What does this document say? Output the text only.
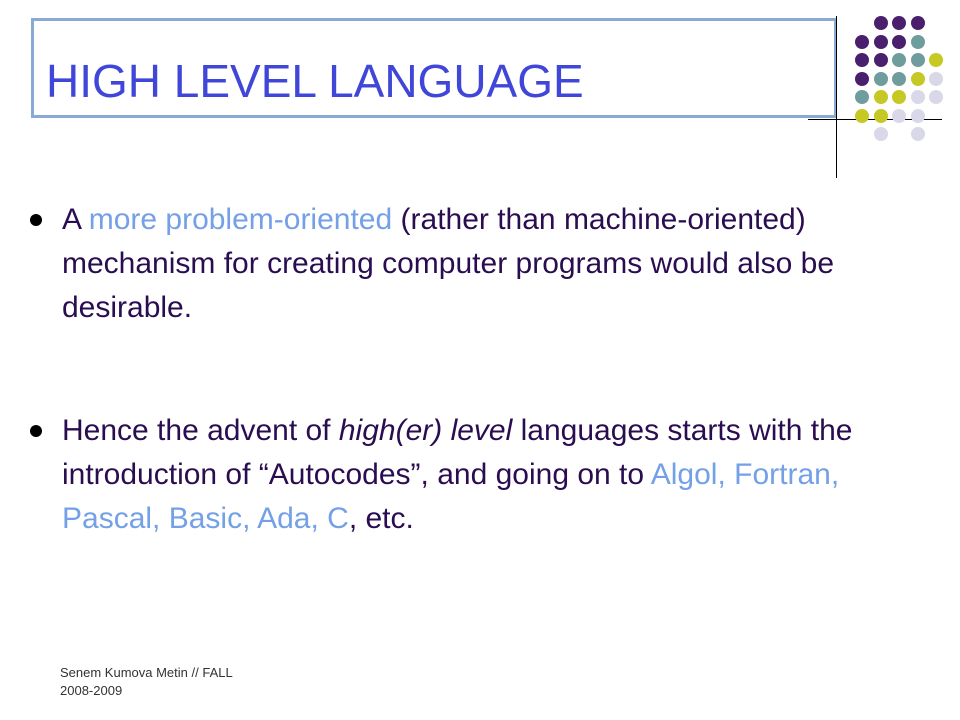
HIGH LEVEL LANGUAGE
A more problem-oriented (rather than machine-oriented) mechanism for creating computer programs would also be desirable.
Hence the advent of high(er) level languages starts with the introduction of “Autocodes”, and going on to Algol, Fortran, Pascal, Basic, Ada, C, etc.
Senem Kumova Metin // FALL 2008-2009
